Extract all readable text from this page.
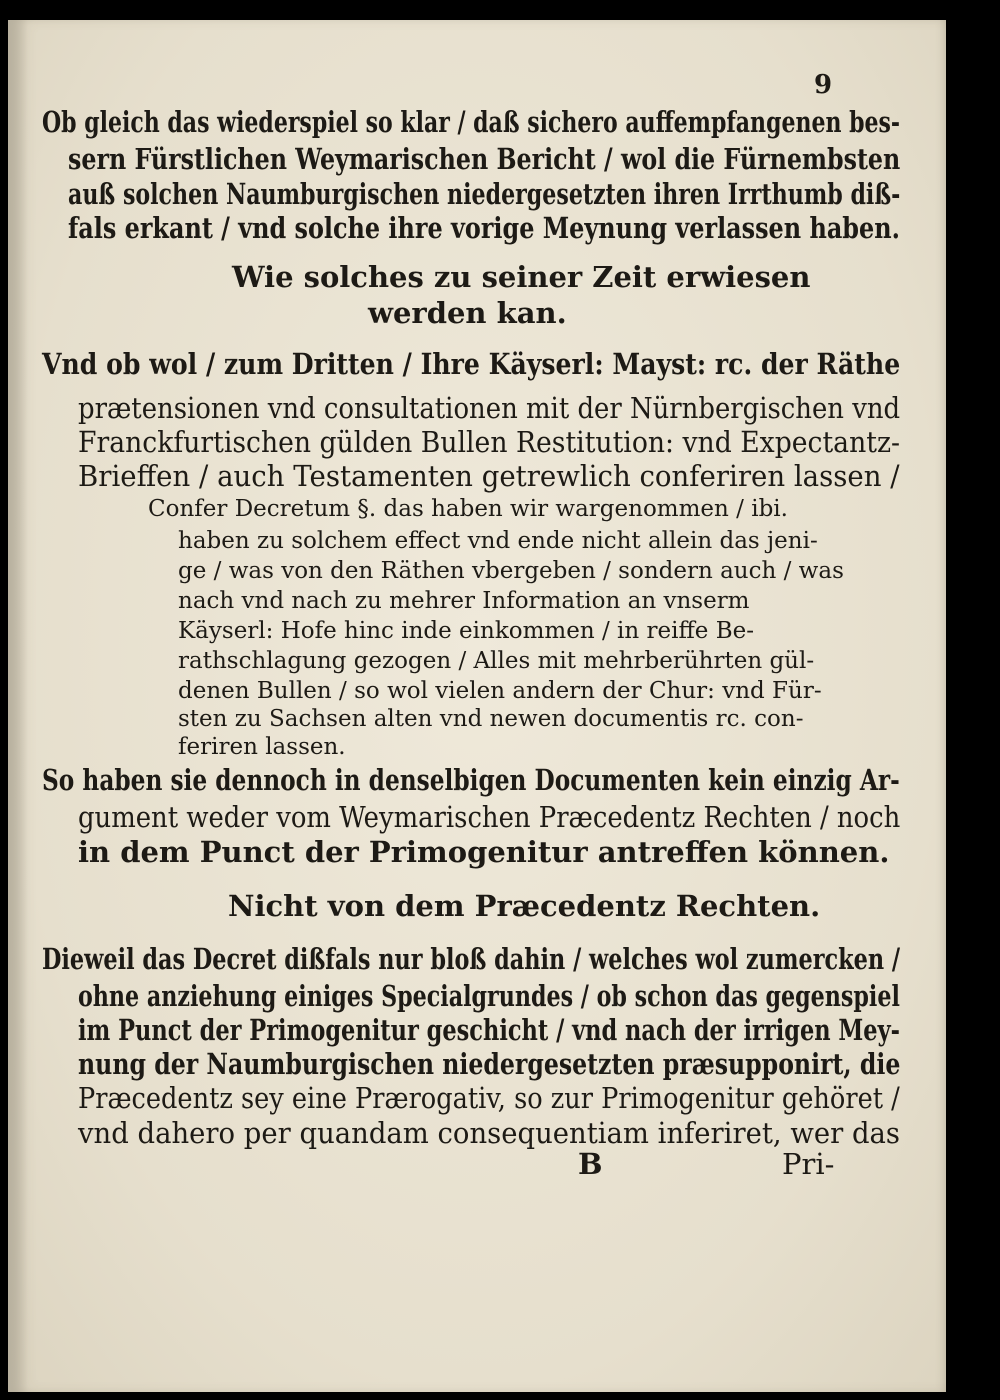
9
Ob gleich das wiederspiel so klar / daß sichero auffempfangenen bes-
sern Fürstlichen Weymarischen Bericht / wol die Fürnembsten
auß solchen Naumburgischen niedergesetzten ihren Irrthumb diß-
fals erkant / vnd solche ihre vorige Meynung verlassen haben.
Wie solches zu seiner Zeit erwiesen
werden kan.
Vnd ob wol / zum Dritten / Ihre Käyserl: Mayst: rc. der Räthe
prætensionen vnd consultationen mit der Nürnbergischen vnd
Franckfurtischen gülden Bullen Restitution: vnd Expectantz-
Brieffen / auch Testamenten getrewlich conferiren lassen /
Confer Decretum §. das haben wir wargenommen / ibi.
haben zu solchem effect vnd ende nicht allein das jeni-
ge / was von den Räthen vbergeben / sondern auch / was
nach vnd nach zu mehrer Information an vnserm
Käyserl: Hofe hinc inde einkommen / in reiffe Be-
rathschlagung gezogen / Alles mit mehrberührten gül-
denen Bullen / so wol vielen andern der Chur: vnd Für-
sten zu Sachsen alten vnd newen documentis rc. con-
feriren lassen.
So haben sie dennoch in denselbigen Documenten kein einzig Ar-
gument weder vom Weymarischen Præcedentz Rechten / noch
in dem Punct der Primogenitur antreffen können.
Nicht von dem Præcedentz Rechten.
Dieweil das Decret dißfals nur bloß dahin / welches wol zumercken /
ohne anziehung einiges Specialgrundes / ob schon das gegenspiel
im Punct der Primogenitur geschicht / vnd nach der irrigen Mey-
nung der Naumburgischen niedergesetzten præsupponirt, die
Præcedentz sey eine Prærogativ, so zur Primogenitur gehöret /
vnd dahero per quandam consequentiam inferiret, wer das
B	Pri-
